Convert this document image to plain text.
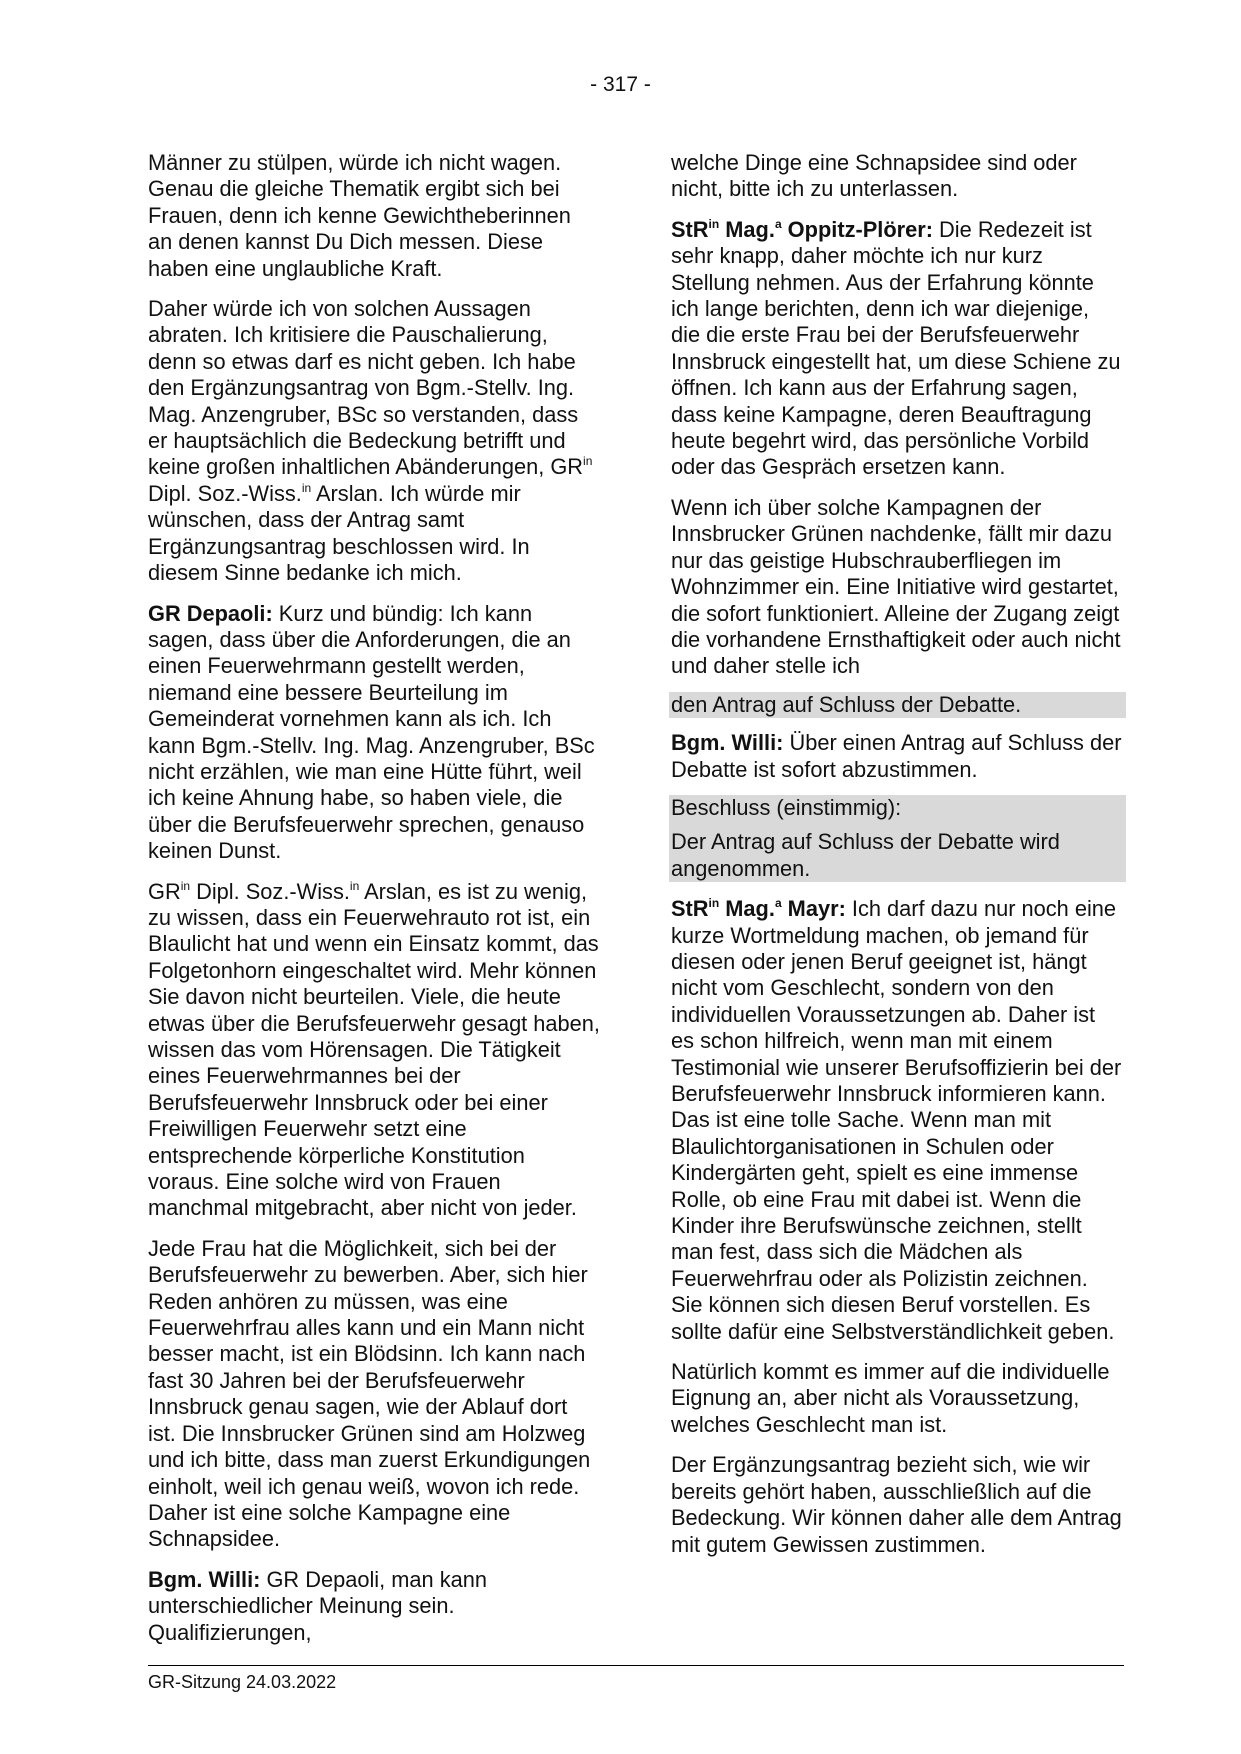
- 317 -

Männer zu stülpen, würde ich nicht wagen. Genau die gleiche Thematik ergibt sich bei Frauen, denn ich kenne Gewichtheberinnen an denen kannst Du Dich messen. Diese haben eine unglaubliche Kraft.

Daher würde ich von solchen Aussagen abraten. Ich kritisiere die Pauschalierung, denn so etwas darf es nicht geben. Ich habe den Ergänzungsantrag von Bgm.-Stellv. Ing. Mag. Anzengruber, BSc so verstanden, dass er hauptsächlich die Bedeckung betrifft und keine großen inhaltlichen Abänderungen, $GR^{in}$ Dipl. Soz.-Wiss.$^{in}$ Arslan. Ich würde mir wünschen, dass der Antrag samt Ergänzungsantrag beschlossen wird. In diesem Sinne bedanke ich mich.

GR Depaoli: Kurz und bündig: Ich kann sagen, dass über die Anforderungen, die an einen Feuerwehrmann gestellt werden, niemand eine bessere Beurteilung im Gemeinderat vornehmen kann als ich. Ich kann Bgm.-Stellv. Ing. Mag. Anzengruber, BSc nicht erzählen, wie man eine Hütte führt, weil ich keine Ahnung habe, so haben viele, die über die Berufsfeuerwehr sprechen, genauso keinen Dunst.

$GR^{in}$ Dipl. Soz.-Wiss.$^{in}$ Arslan, es ist zu wenig, zu wissen, dass ein Feuerwehrauto rot ist, ein Blaulicht hat und wenn ein Einsatz kommt, das Folgetonhorn eingeschaltet wird. Mehr können Sie davon nicht beurteilen. Viele, die heute etwas über die Berufsfeuerwehr gesagt haben, wissen das vom Hörensagen. Die Tätigkeit eines Feuerwehrmannes bei der Berufsfeuerwehr Innsbruck oder bei einer Freiwilligen Feuerwehr setzt eine entsprechende körperliche Konstitution voraus. Eine solche wird von Frauen manchmal mitgebracht, aber nicht von jeder.

Jede Frau hat die Möglichkeit, sich bei der Berufsfeuerwehr zu bewerben. Aber, sich hier Reden anhören zu müssen, was eine Feuerwehrfrau alles kann und ein Mann nicht besser macht, ist ein Blödsinn. Ich kann nach fast 30 Jahren bei der Berufsfeuerwehr Innsbruck genau sagen, wie der Ablauf dort ist. Die Innsbrucker Grünen sind am Holzweg und ich bitte, dass man zuerst Erkundigungen einholt, weil ich genau weiß, wovon ich rede. Daher ist eine solche Kampagne eine Schnapsidee.

Bgm. Willi: GR Depaoli, man kann unterschiedlicher Meinung sein. Qualifizierungen,

welche Dinge eine Schnapsidee sind oder nicht, bitte ich zu unterlassen.

StR$^{in}$ Mag.$^a$ Oppitz-Plörer: Die Redezeit ist sehr knapp, daher möchte ich nur kurz Stellung nehmen. Aus der Erfahrung könnte ich lange berichten, denn ich war diejenige, die die erste Frau bei der Berufsfeuerwehr Innsbruck eingestellt hat, um diese Schiene zu öffnen. Ich kann aus der Erfahrung sagen, dass keine Kampagne, deren Beauftragung heute begehrt wird, das persönliche Vorbild oder das Gespräch ersetzen kann.

Wenn ich über solche Kampagnen der Innsbrucker Grünen nachdenke, fällt mir dazu nur das geistige Hubschrauberfliegen im Wohnzimmer ein. Eine Initiative wird gestartet, die sofort funktioniert. Alleine der Zugang zeigt die vorhandene Ernsthaftigkeit oder auch nicht und daher stelle ich

den Antrag auf Schluss der Debatte.

Bgm. Willi: Über einen Antrag auf Schluss der Debatte ist sofort abzustimmen.

Beschluss (einstimmig):

Der Antrag auf Schluss der Debatte wird angenommen.

StR$^{in}$ Mag.$^a$ Mayr: Ich darf dazu nur noch eine kurze Wortmeldung machen, ob jemand für diesen oder jenen Beruf geeignet ist, hängt nicht vom Geschlecht, sondern von den individuellen Voraussetzungen ab. Daher ist es schon hilfreich, wenn man mit einem Testimonial wie unserer Berufsoffizierin bei der Berufsfeuerwehr Innsbruck informieren kann. Das ist eine tolle Sache. Wenn man mit Blaulichtorganisationen in Schulen oder Kindergärten geht, spielt es eine immense Rolle, ob eine Frau mit dabei ist. Wenn die Kinder ihre Berufswünsche zeichnen, stellt man fest, dass sich die Mädchen als Feuerwehrfrau oder als Polizistin zeichnen. Sie können sich diesen Beruf vorstellen. Es sollte dafür eine Selbstverständlichkeit geben.

Natürlich kommt es immer auf die individuelle Eignung an, aber nicht als Voraussetzung, welches Geschlecht man ist.

Der Ergänzungsantrag bezieht sich, wie wir bereits gehört haben, ausschließlich auf die Bedeckung. Wir können daher alle dem Antrag mit gutem Gewissen zustimmen.

GR-Sitzung 24.03.2022
